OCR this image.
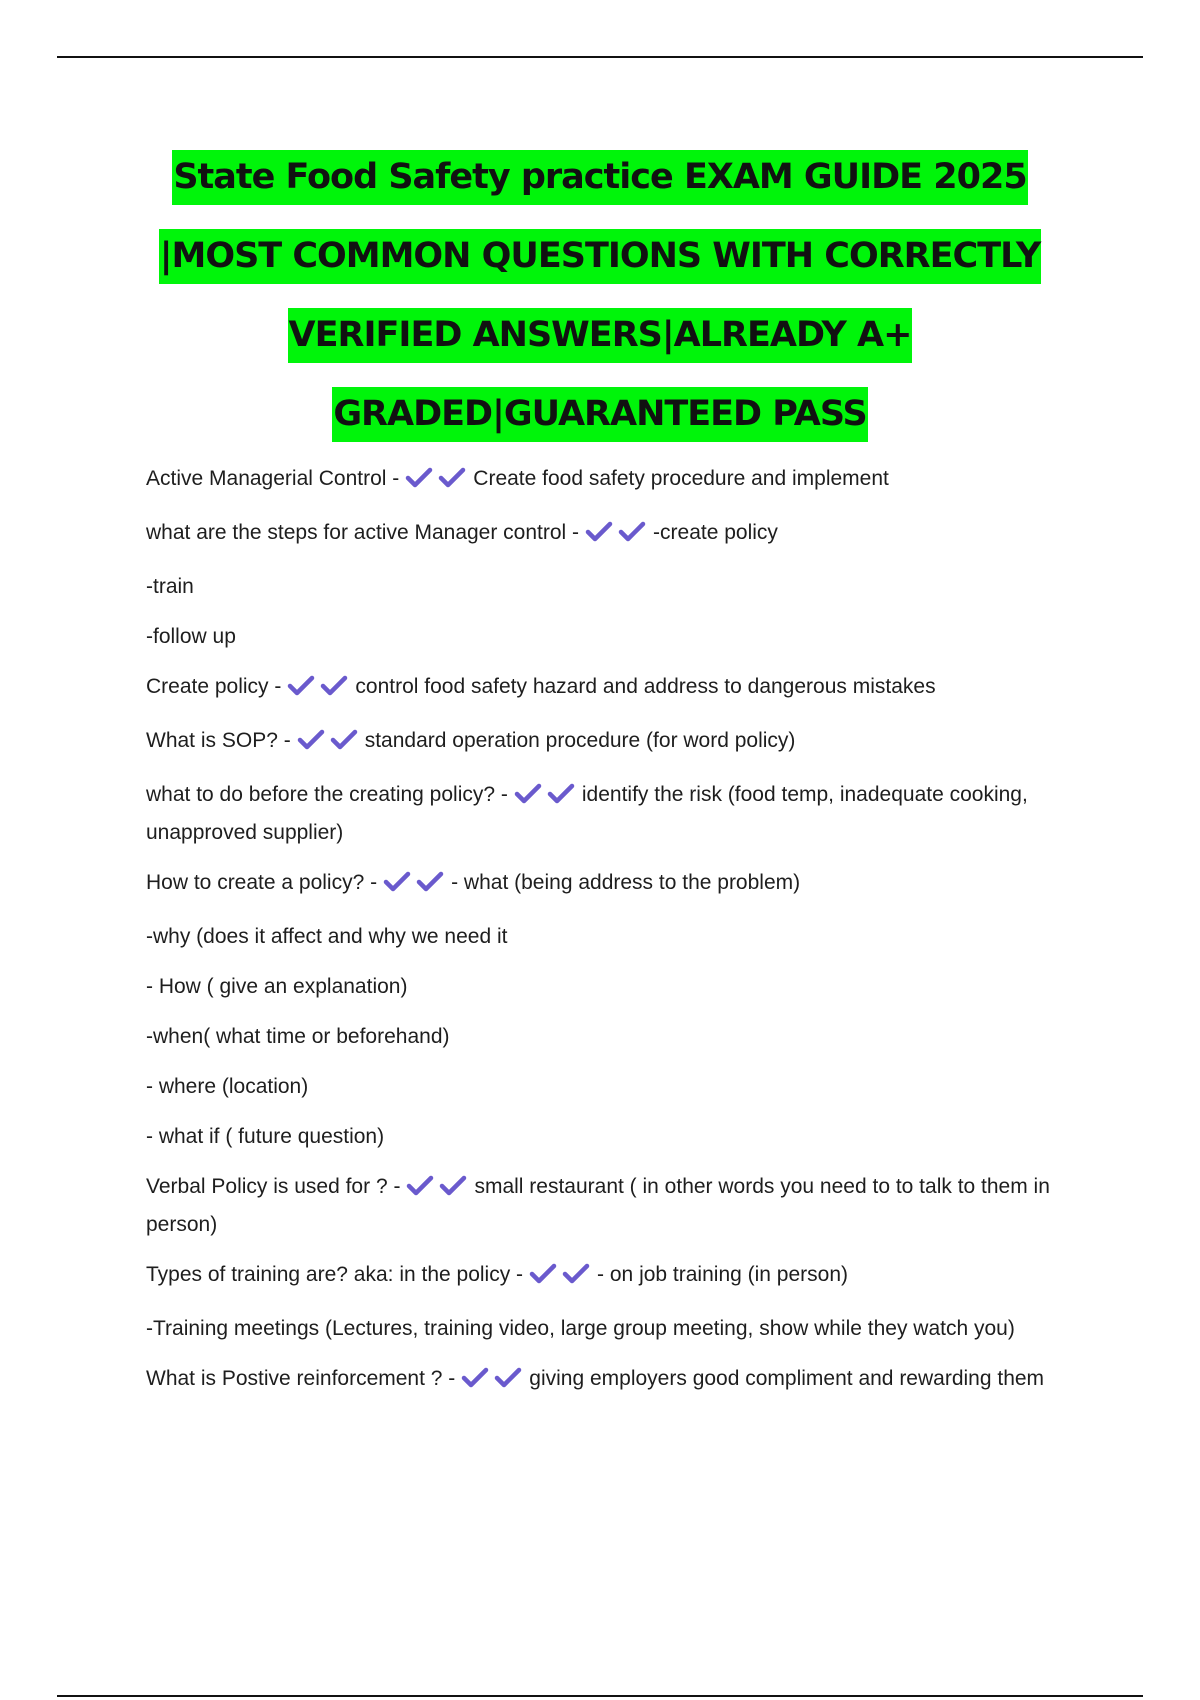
State Food Safety practice EXAM GUIDE 2025
|MOST COMMON QUESTIONS WITH CORRECTLY
VERIFIED ANSWERS|ALREADY A+
GRADED|GUARANTEED PASS
Active Managerial Control -	Create food safety procedure and implement
what are the steps for active Manager control -	-create policy
-train
-follow up
Create policy -	control food safety hazard and address to dangerous mistakes
What is SOP? -	standard operation procedure (for word policy)
what to do before the creating policy? -	identify the risk (food temp, inadequate cooking, unapproved supplier)
How to create a policy? -	- what (being address to the problem)
-why (does it affect and why we need it
- How ( give an explanation)
-when( what time or beforehand)
- where (location)
- what if ( future question)
Verbal Policy is used for ? -	small restaurant ( in other words you need to to talk to them in person)
Types of training are? aka: in the policy -	- on job training (in person)
-Training meetings (Lectures, training video, large group meeting, show while they watch you)
What is Postive reinforcement ? -	giving employers good compliment and rewarding them
